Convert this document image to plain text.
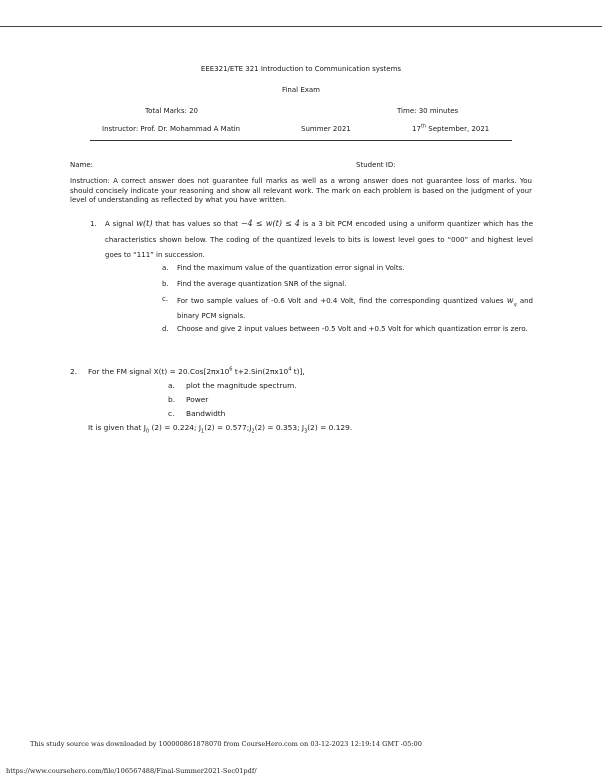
EEE321/ETE 321 Introduction to Communication systems
Final Exam
Total Marks: 20	Time: 30 minutes
Instructor: Prof. Dr. Mohammad A Matin	Summer 2021	17th September, 2021
Name:	Student ID:
Instruction: A correct answer does not guarantee full marks as well as a wrong answer does not guarantee loss of marks. You should concisely indicate your reasoning and show all relevant work. The mark on each problem is based on the judgment of your level of understanding as reflected by what you have written.
1. A signal w(t) that has values so that −4 ≤ w(t) ≤ 4 is a 3 bit PCM encoded using a uniform quantizer which has the characteristics shown below. The coding of the quantized levels to bits is lowest level goes to “000” and highest level goes to “111” in succession.
a. Find the maximum value of the quantization error signal in Volts.
b. Find the average quantization SNR of the signal.
c. For two sample values of -0.6 Volt and +0.4 Volt, find the corresponding quantized values $w_q$ and binary PCM signals.
d. Choose and give 2 input values between -0.5 Volt and +0.5 Volt for which quantization error is zero.
2. For the FM signal $X(t) = 20.Cos[2\pi x10^6$ $t+2.Sin(2\pi x10^4$ t)],
a. plot the magnitude spectrum.
b. Power
c. Bandwidth
It is given that $J_0$ (2) = 0.224; $J_1(2)$ = $0.577;J_2(2) = 0.353$; $J_3(2) = 0.129$.
This study source was downloaded by 100000861878070 from CourseHero.com on 03-12-2023 12:19:14 GMT -05:00
https://www.coursehero.com/file/106567488/Final-Summer2021-Sec01pdf/
